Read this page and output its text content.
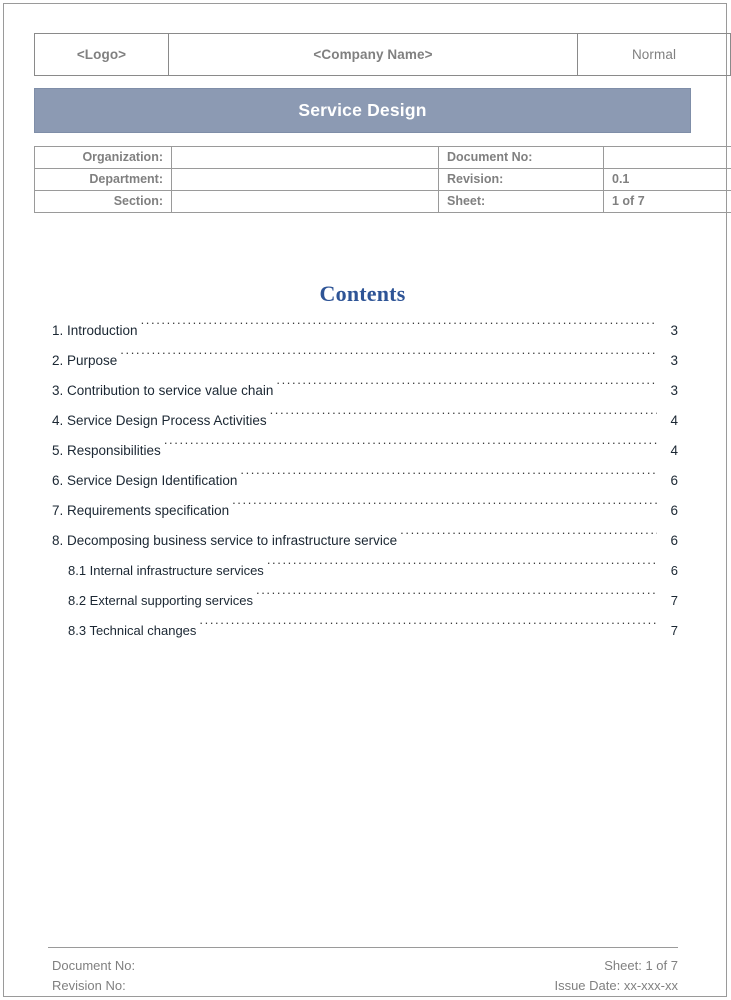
<Logo>	<Company Name>	Normal
Service Design
Organization:		Document No:	
Department:		Revision:	0.1
Section:		Sheet:	1 of 7
Contents
1. Introduction .....	3
2. Purpose .....	3
3. Contribution to service value chain .....	3
4. Service Design Process Activities .....	4
5. Responsibilities .....	4
6. Service Design Identification .....	6
7. Requirements specification .....	6
8. Decomposing business service to infrastructure service .....	6
8.1 Internal infrastructure services .....	6
8.2 External supporting services .....	7
8.3 Technical changes .....	7
Document No:
Revision No:
Sheet: 1 of 7
Issue Date: xx-xxx-xx
